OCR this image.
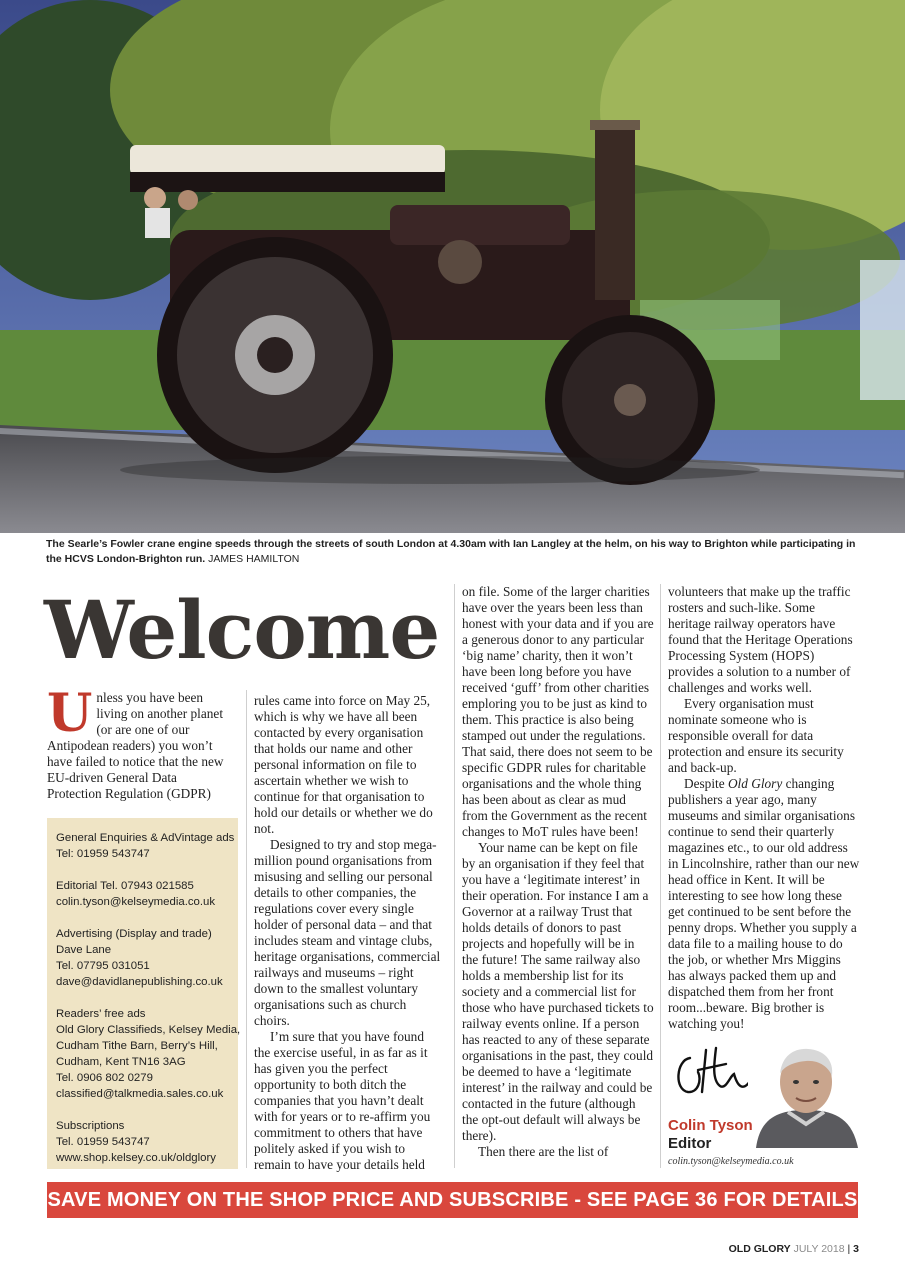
The Searle’s Fowler crane engine speeds through the streets of south London at 4.30am with Ian Langley at the helm, on his way to Brighton while participating in the HCVS London-Brighton run. JAMES HAMILTON
Welcome
U nless you have been living on another planet (or are one of our Antipodean readers) you won’t have failed to notice that the new EU-driven General Data Protection Regulation (GDPR)

General Enquiries & AdVintage ads
Tel: 01959 543747
Editorial Tel. 07943 021585
colin.tyson@kelseymedia.co.uk
Advertising (Display and trade)
Dave Lane
Tel. 07795 031051
dave@davidlanepublishing.co.uk
Readers’ free ads
Old Glory Classifieds, Kelsey Media,
Cudham Tithe Barn, Berry’s Hill,
Cudham, Kent TN16 3AG
Tel. 0906 802 0279
classified@talkmedia.sales.co.uk
Subscriptions
Tel. 01959 543747
www.shop.kelsey.co.uk/oldglory

rules came into force on May 25, which is why we have all been contacted by every organisation that holds our name and other personal information on file to ascertain whether we wish to continue for that organisation to hold our details or whether we do not.

Designed to try and stop mega-million pound organisations from misusing and selling our personal details to other companies, the regulations cover every single holder of personal data – and that includes steam and vintage clubs, heritage organisations, commercial railways and museums – right down to the smallest voluntary organisations such as church choirs.

I’m sure that you have found the exercise useful, in as far as it has given you the perfect opportunity to both ditch the companies that you havn’t dealt with for years or to re-affirm you commitment to others that have politely asked if you wish to remain to have your details held

on file. Some of the larger charities have over the years been less than honest with your data and if you are a generous donor to any particular ‘big name’ charity, then it won’t have been long before you have received ‘guff’ from other charities emploring you to be just as kind to them. This practice is also being stamped out under the regulations. That said, there does not seem to be specific GDPR rules for charitable organisations and the whole thing has been about as clear as mud from the Government as the recent changes to MoT rules have been!

Your name can be kept on file by an organisation if they feel that you have a ‘legitimate interest’ in their operation. For instance I am a Governor at a railway Trust that holds details of donors to past projects and hopefully will be in the future! The same railway also holds a membership list for its society and a commercial list for those who have purchased tickets to railway events online. If a person has reacted to any of these separate organisations in the past, they could be deemed to have a ‘legitimate interest’ in the railway and could be contacted in the future (although the opt-out default will always be there).

Then there are the list of

volunteers that make up the traffic rosters and such-like. Some heritage railway operators have found that the Heritage Operations Processing System (HOPS) provides a solution to a number of challenges and works well.

Every organisation must nominate someone who is responsible overall for data protection and ensure its security and back-up.

Despite Old Glory changing publishers a year ago, many museums and similar organisations continue to send their quarterly magazines etc., to our old address in Lincolnshire, rather than our new head office in Kent. It will be interesting to see how long these get continued to be sent before the penny drops. Whether you supply a data file to a mailing house to do the job, or whether Mrs Miggins has always packed them up and dispatched them from her front room...beware. Big brother is watching you!

Colin Tyson
Editor
colin.tyson@kelseymedia.co.uk
SAVE MONEY ON THE SHOP PRICE AND SUBSCRIBE - SEE PAGE 36 FOR DETAILS
OLD GLORY JULY 2018 | 3
